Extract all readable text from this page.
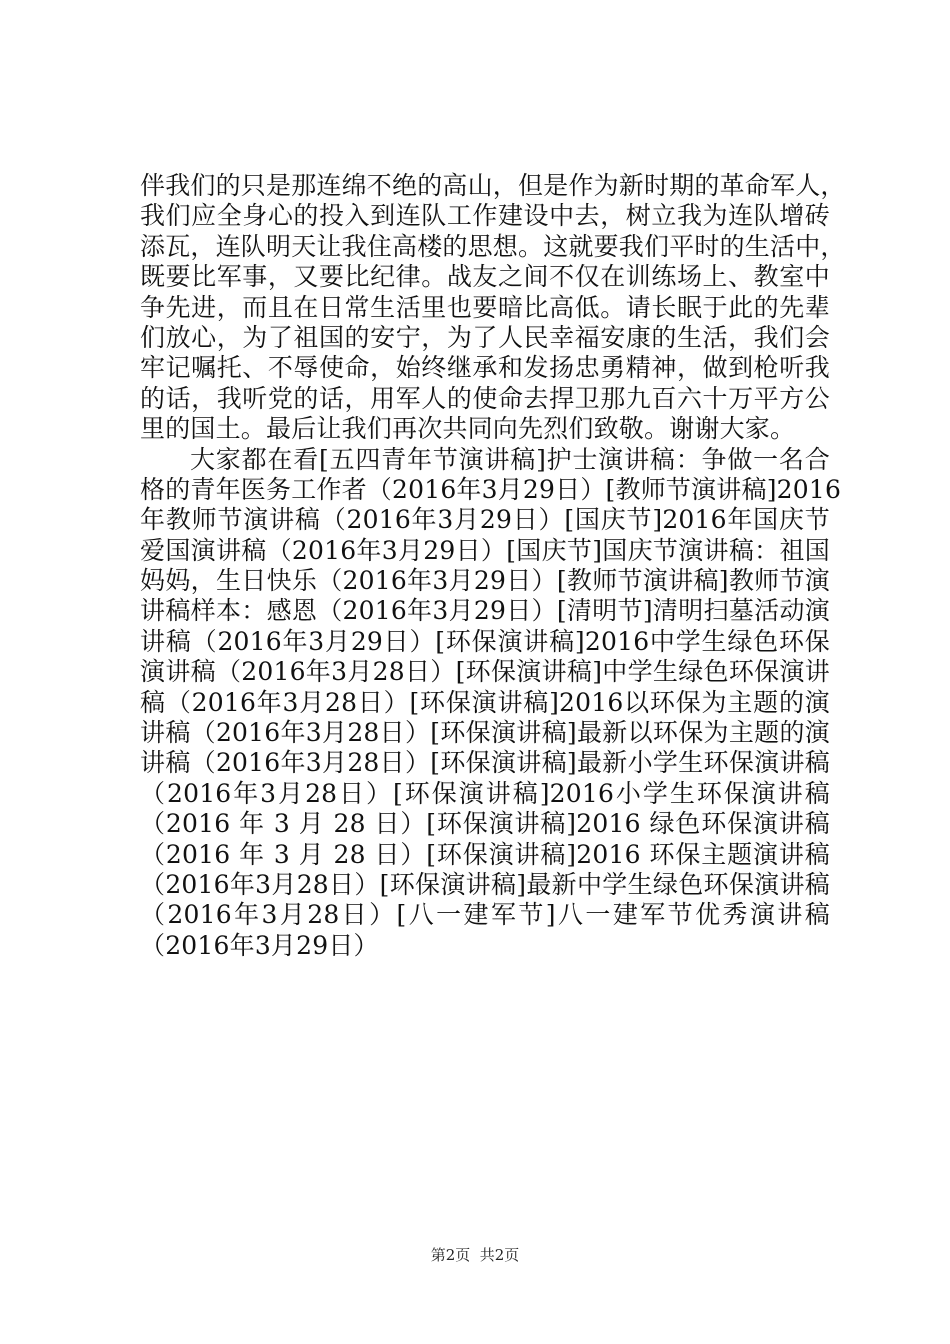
伴我们的只是那连绵不绝的高山，但是作为新时期的革命军人，
我们应全身心的投入到连队工作建设中去，树立我为连队增砖
添瓦，连队明天让我住高楼的思想。这就要我们平时的生活中，
既要比军事，又要比纪律。战友之间不仅在训练场上、教室中
争先进，而且在日常生活里也要暗比高低。请长眠于此的先辈
们放心，为了祖国的安宁，为了人民幸福安康的生活，我们会
牢记嘱托、不辱使命，始终继承和发扬忠勇精神，做到枪听我
的话，我听党的话，用军人的使命去捍卫那九百六十万平方公
里的国土。最后让我们再次共同向先烈们致敬。谢谢大家。
大家都在看[五四青年节演讲稿]护士演讲稿：争做一名合
格的青年医务工作者（2016年3月29日）[教师节演讲稿]2016
年教师节演讲稿（2016年3月29日）[国庆节]2016年国庆节
爱国演讲稿（2016年3月29日）[国庆节]国庆节演讲稿：祖国
妈妈，生日快乐（2016年3月29日）[教师节演讲稿]教师节演
讲稿样本：感恩（2016年3月29日）[清明节]清明扫墓活动演
讲稿（2016年3月29日）[环保演讲稿]2016中学生绿色环保
演讲稿（2016年3月28日）[环保演讲稿]中学生绿色环保演讲
稿（2016年3月28日）[环保演讲稿]2016以环保为主题的演
讲稿（2016年3月28日）[环保演讲稿]最新以环保为主题的演
讲稿（2016年3月28日）[环保演讲稿]最新小学生环保演讲稿
（2016年3月28日）[环保演讲稿]2016小学生环保演讲稿
（2016 年 3 月 28 日）[环保演讲稿]2016 绿色环保演讲稿
（2016 年 3 月 28 日）[环保演讲稿]2016 环保主题演讲稿
（2016年3月28日）[环保演讲稿]最新中学生绿色环保演讲稿
（2016年3月28日）[八一建军节]八一建军节优秀演讲稿
（2016年3月29日）
第2页  共2页
